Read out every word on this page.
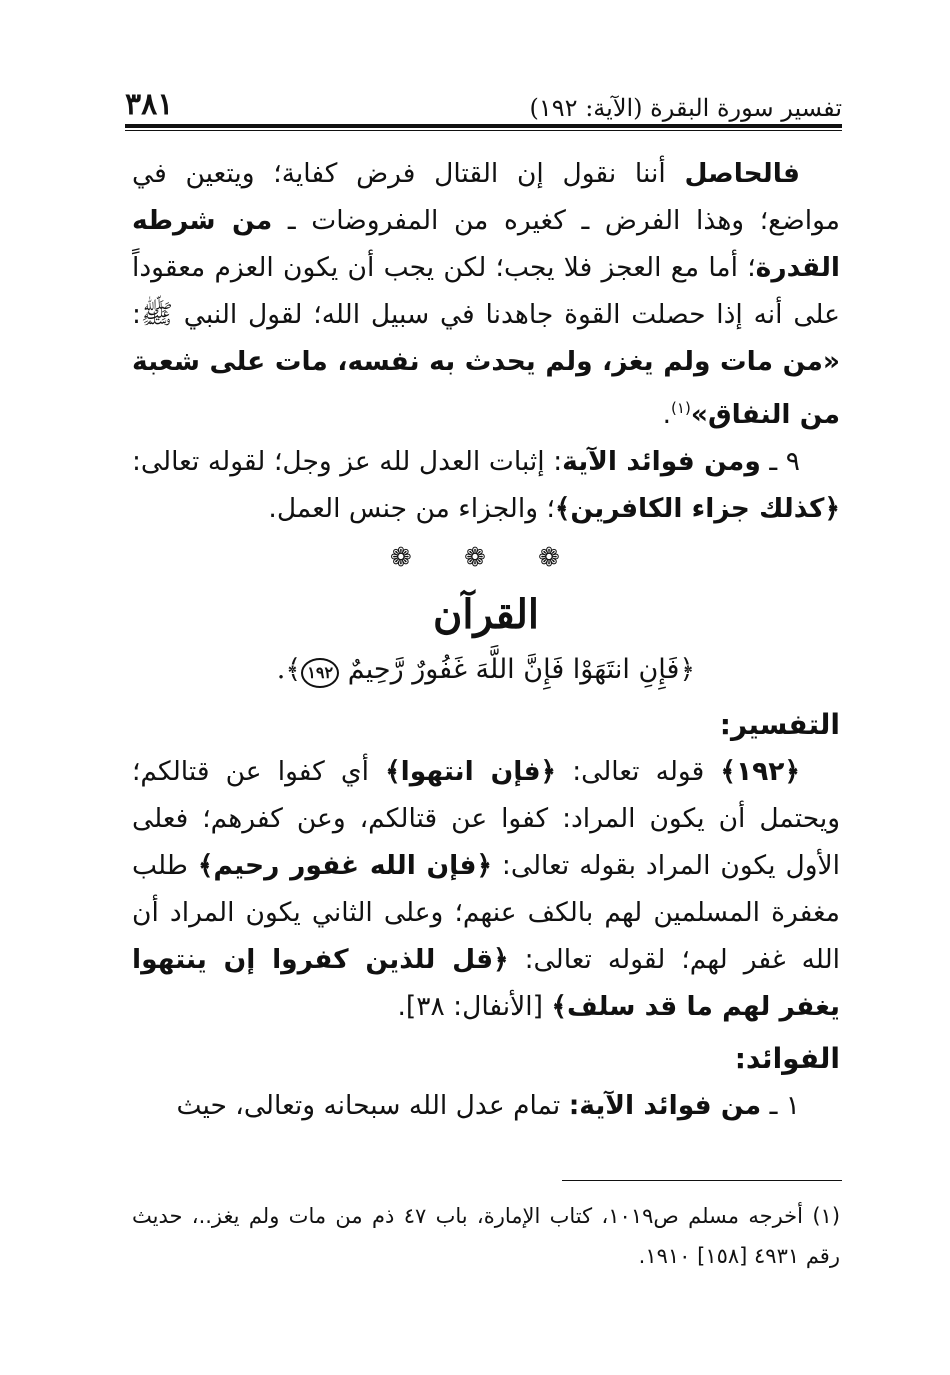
٣٨١	تفسير سورة البقرة (الآية: ١٩٢)

فالحاصل أننا نقول إن القتال فرض كفاية؛ ويتعين في مواضع؛ وهذا الفرض ـ كغيره من المفروضات ـ من شرطه القدرة؛ أما مع العجز فلا يجب؛ لكن يجب أن يكون العزم معقوداً على أنه إذا حصلت القوة جاهدنا في سبيل الله؛ لقول النبي ﷺ: «من مات ولم يغز، ولم يحدث به نفسه، مات على شعبة من النفاق»$^{(١)}$.

٩ ـ ومن فوائد الآية: إثبات العدل لله عز وجل؛ لقوله تعالى: ﴿كذلك جزاء الكافرين﴾؛ والجزاء من جنس العمل.

❁ ❁ ❁
القرآن
﴿فَإِنِ انتَهَوْا فَإِنَّ اللَّهَ غَفُورٌ رَّحِيمٌ ١٩٢﴾.
التفسير:

﴿١٩٢﴾ قوله تعالى: ﴿فإن انتهوا﴾ أي كفوا عن قتالكم؛ ويحتمل أن يكون المراد: كفوا عن قتالكم، وعن كفرهم؛ فعلى الأول يكون المراد بقوله تعالى: ﴿فإن الله غفور رحيم﴾ طلب مغفرة المسلمين لهم بالكف عنهم؛ وعلى الثاني يكون المراد أن الله غفر لهم؛ لقوله تعالى: ﴿قل للذين كفروا إن ينتهوا يغفر لهم ما قد سلف﴾ [الأنفال: ٣٨].

الفوائد:

١ ـ من فوائد الآية: تمام عدل الله سبحانه وتعالى، حيث

(١) أخرجه مسلم ص١٠١٩، كتاب الإمارة، باب ٤٧ ذم من مات ولم يغز..، حديث رقم ٤٩٣١ [١٥٨] ١٩١٠.
